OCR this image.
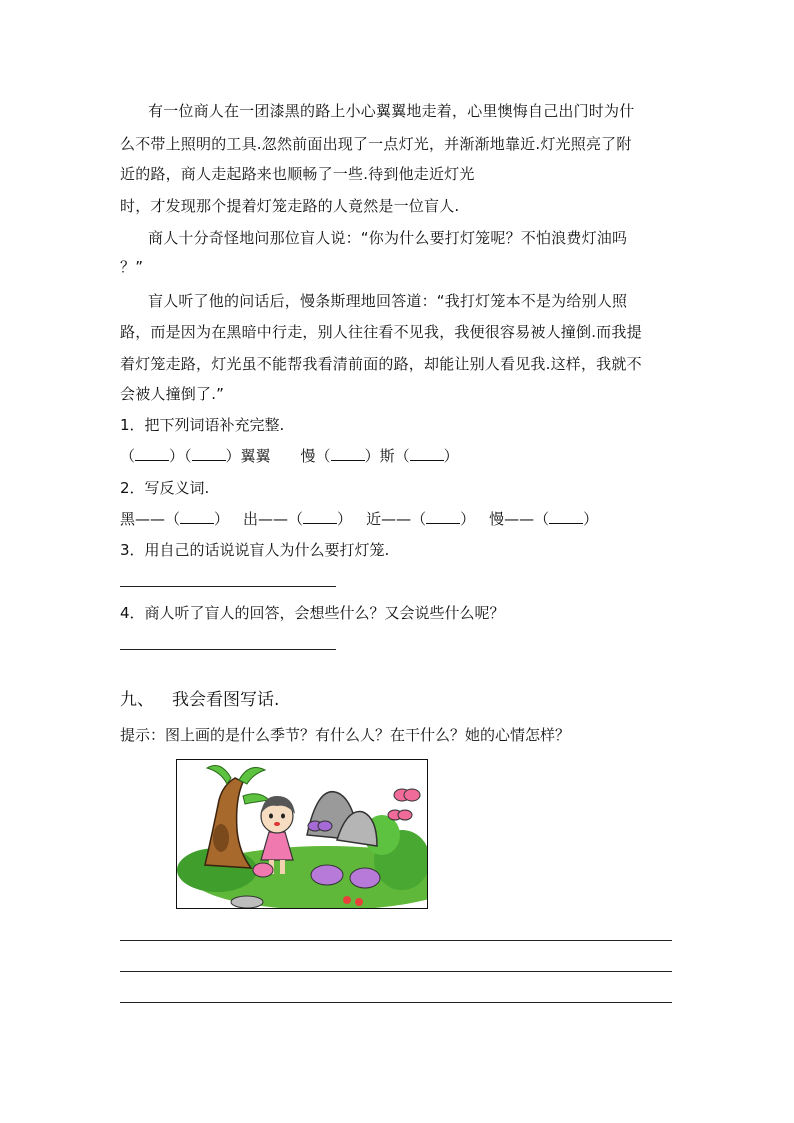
有一位商人在一团漆黑的路上小心翼翼地走着，心里懊悔自己出门时为什
么不带上照明的工具.忽然前面出现了一点灯光，并渐渐地靠近.灯光照亮了附
近的路，商人走起路来也顺畅了一些.待到他走近灯光
时，才发现那个提着灯笼走路的人竟然是一位盲人.
商人十分奇怪地问那位盲人说：“你为什么要打灯笼呢？不怕浪费灯油吗
？”
盲人听了他的问话后，慢条斯理地回答道：“我打灯笼本不是为给别人照
路，而是因为在黑暗中行走，别人往往看不见我，我便很容易被人撞倒.而我提
着灯笼走路，灯光虽不能帮我看清前面的路，却能让别人看见我.这样，我就不
会被人撞倒了.”
1．把下列词语补充完整.
（ ）（ ）翼翼 慢（ ）斯（ ）
2．写反义词.
黑——（ ） 出——（ ） 近——（ ） 慢——（ ）
3．用自己的话说说盲人为什么要打灯笼.
4．商人听了盲人的回答，会想些什么？又会说些什么呢？
九、 我会看图写话.
提示：图上画的是什么季节？有什么人？在干什么？她的心情怎样？
